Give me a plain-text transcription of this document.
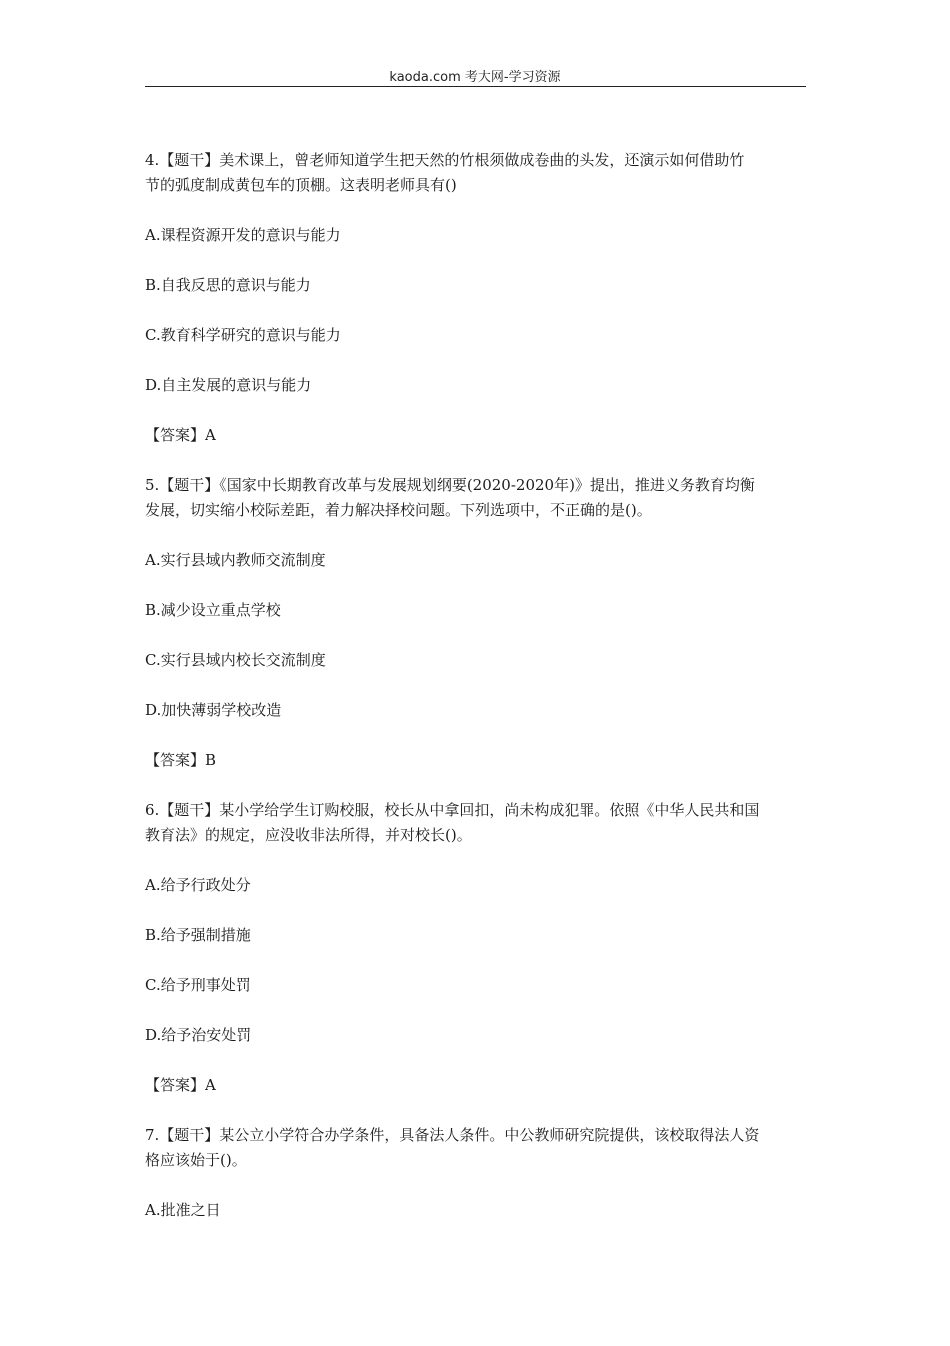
kaoda.com 考大网-学习资源
4.【题干】美术课上，曾老师知道学生把天然的竹根须做成卷曲的头发，还演示如何借助竹
节的弧度制成黄包车的顶棚。这表明老师具有()
A.课程资源开发的意识与能力
B.自我反思的意识与能力
C.教育科学研究的意识与能力
D.自主发展的意识与能力
【答案】A
5.【题干】《国家中长期教育改革与发展规划纲要(2020-2020年)》提出，推进义务教育均衡
发展，切实缩小校际差距，着力解决择校问题。下列选项中，不正确的是()。
A.实行县域内教师交流制度
B.减少设立重点学校
C.实行县域内校长交流制度
D.加快薄弱学校改造
【答案】B
6.【题干】某小学给学生订购校服，校长从中拿回扣，尚未构成犯罪。依照《中华人民共和国
教育法》的规定，应没收非法所得，并对校长()。
A.给予行政处分
B.给予强制措施
C.给予刑事处罚
D.给予治安处罚
【答案】A
7.【题干】某公立小学符合办学条件，具备法人条件。中公教师研究院提供，该校取得法人资
格应该始于()。
A.批准之日
